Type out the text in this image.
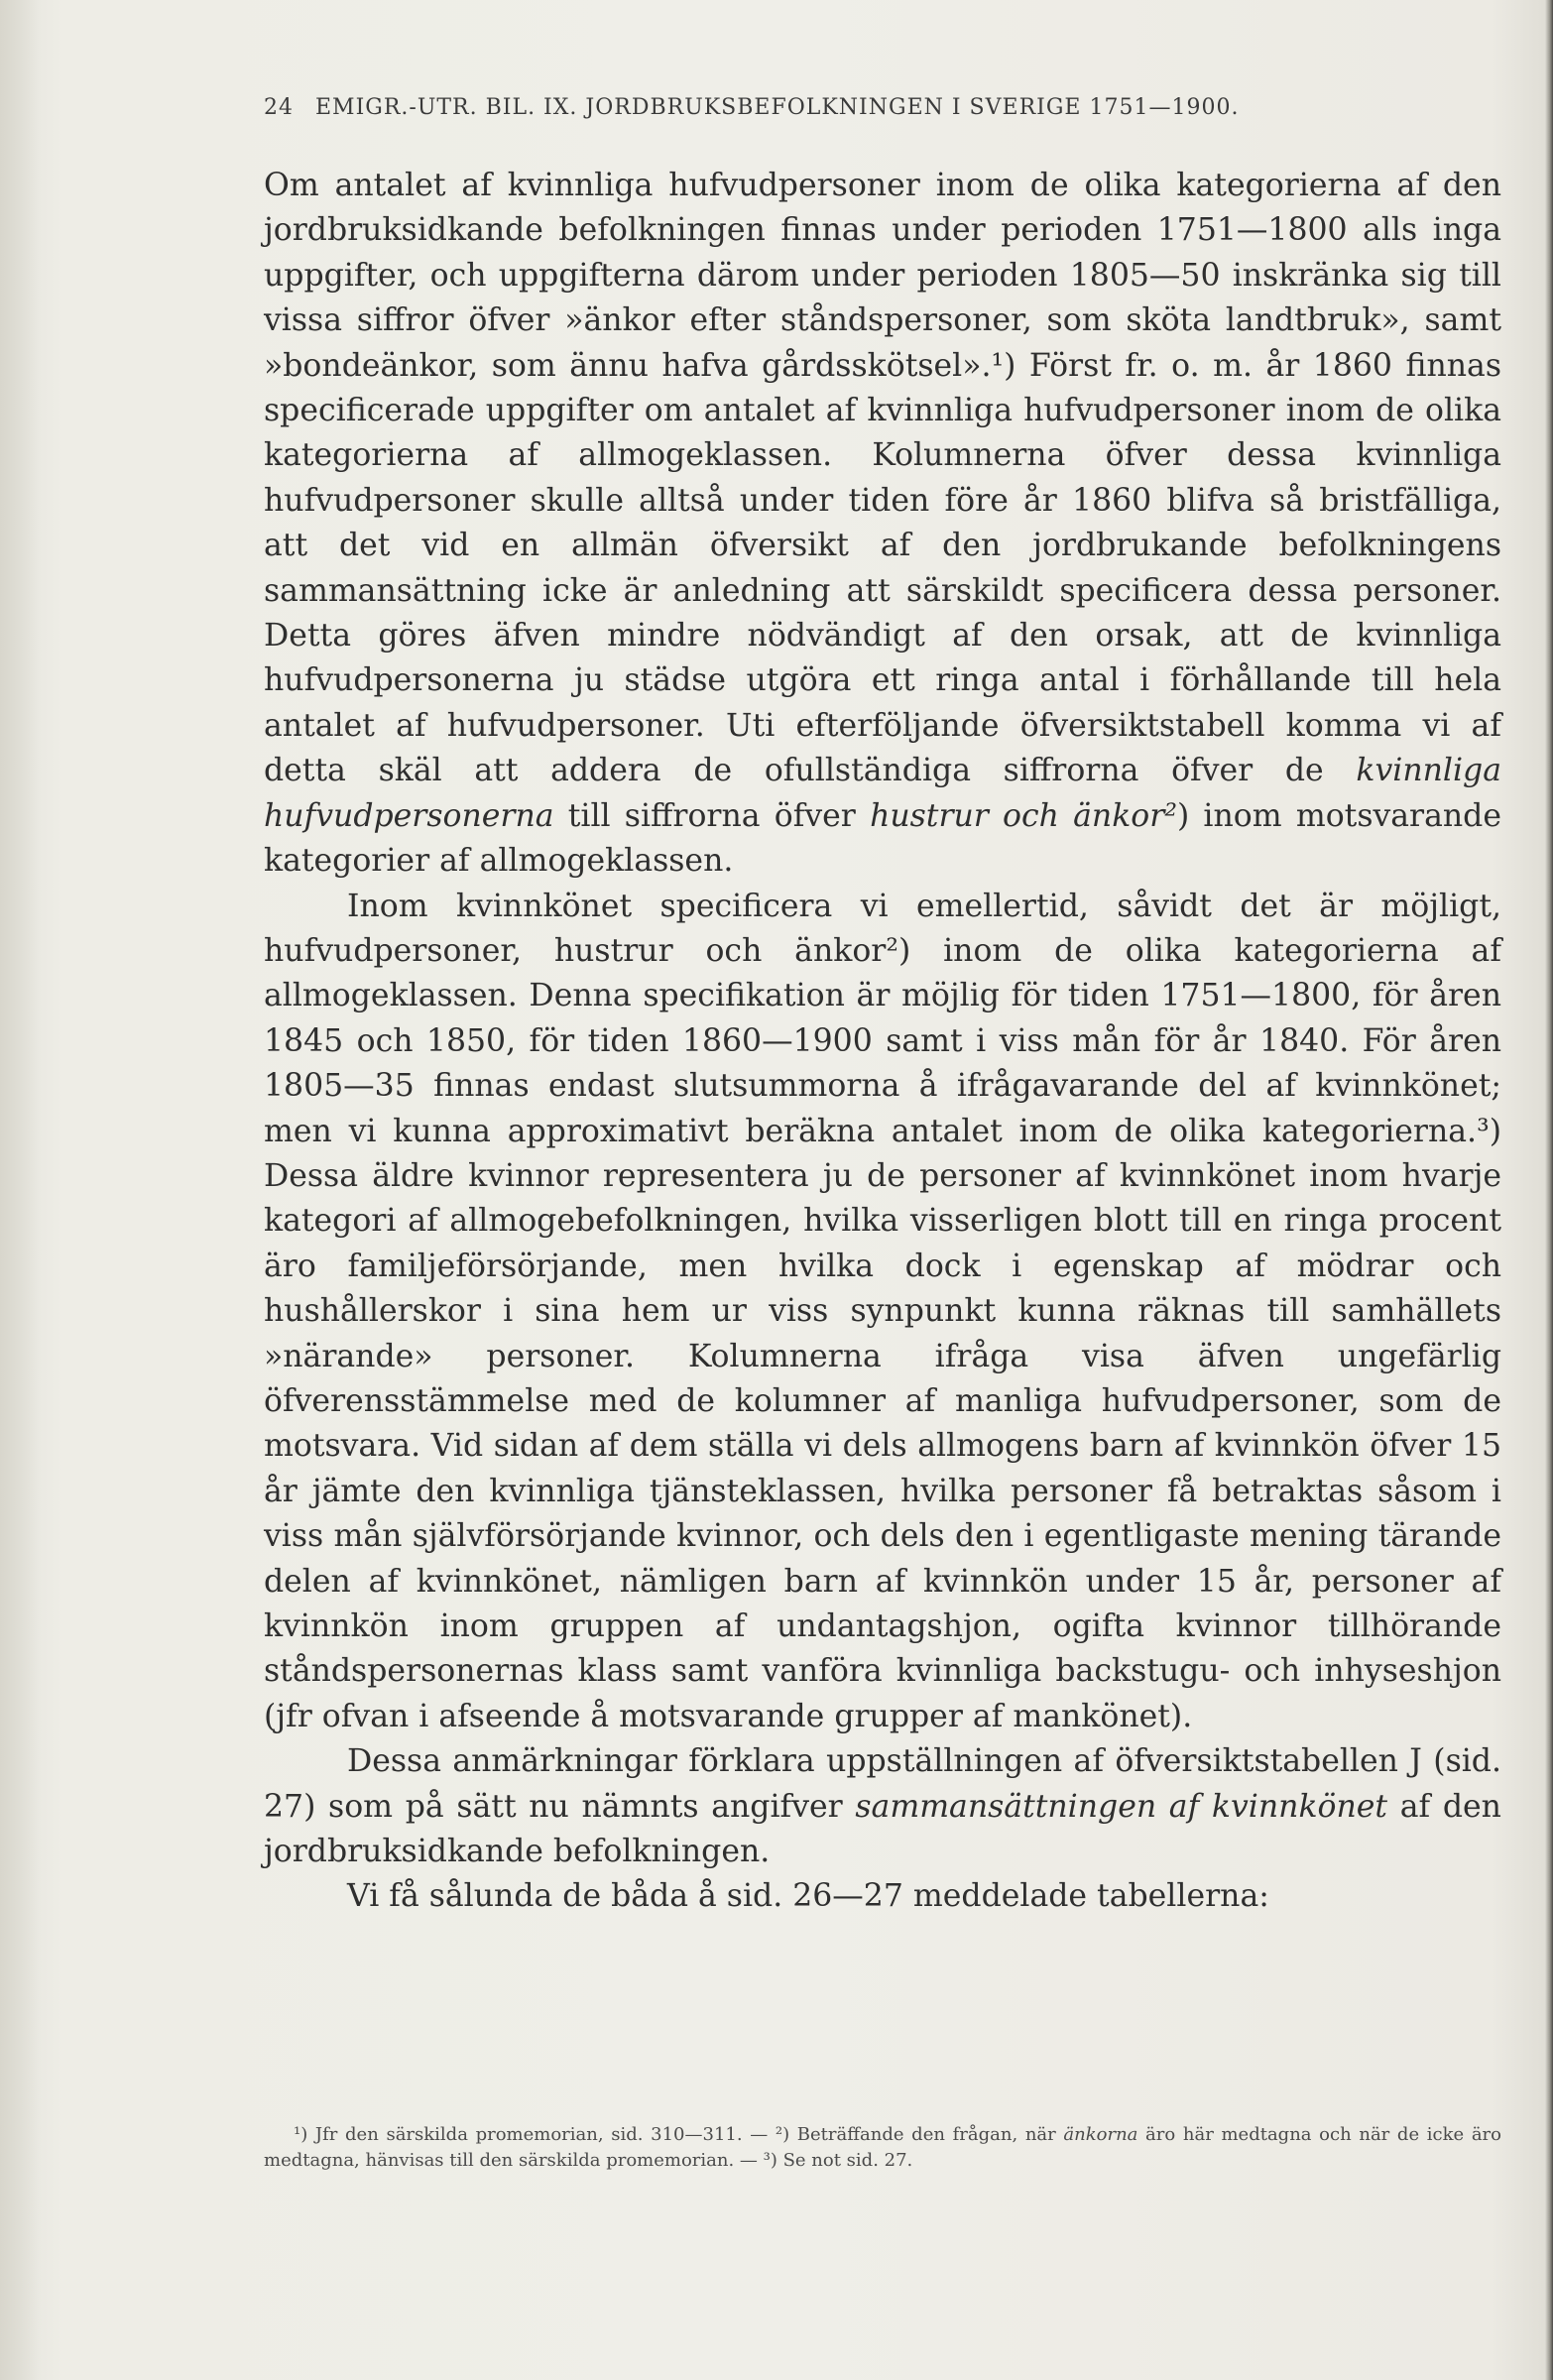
24 EMIGR.-UTR. BIL. IX. JORDBRUKSBEFOLKNINGEN I SVERIGE 1751—1900.

Om antalet af kvinnliga hufvudpersoner inom de olika kategorierna af den jordbruksidkande befolkningen finnas under perioden 1751—1800 alls inga uppgifter, och uppgifterna därom under perioden 1805—50 inskränka sig till vissa siffror öfver »änkor efter ståndspersoner, som sköta landtbruk», samt »bondeänkor, som ännu hafva gårdsskötsel».¹) Först fr. o. m. år 1860 finnas specificerade uppgifter om antalet af kvinnliga hufvudpersoner inom de olika kategorierna af allmogeklassen. Kolumnerna öfver dessa kvinnliga hufvudpersoner skulle alltså under tiden före år 1860 blifva så bristfälliga, att det vid en allmän öfversikt af den jordbrukande befolkningens sammansättning icke är anledning att särskildt specificera dessa personer. Detta göres äfven mindre nödvändigt af den orsak, att de kvinnliga hufvudpersonerna ju städse utgöra ett ringa antal i förhållande till hela antalet af hufvudpersoner. Uti efterföljande öfversiktstabell komma vi af detta skäl att addera de ofullständiga siffrorna öfver de kvinnliga hufvudpersonerna till siffrorna öfver hustrur och änkor²) inom motsvarande kategorier af allmogeklassen.

Inom kvinnkönet specificera vi emellertid, såvidt det är möjligt, hufvudpersoner, hustrur och änkor²) inom de olika kategorierna af allmogeklassen. Denna specifikation är möjlig för tiden 1751—1800, för åren 1845 och 1850, för tiden 1860—1900 samt i viss mån för år 1840. För åren 1805—35 finnas endast slutsummorna å ifrågavarande del af kvinnkönet; men vi kunna approximativt beräkna antalet inom de olika kategorierna.³) Dessa äldre kvinnor representera ju de personer af kvinnkönet inom hvarje kategori af allmogebefolkningen, hvilka visserligen blott till en ringa procent äro familjeförsörjande, men hvilka dock i egenskap af mödrar och hushållerskor i sina hem ur viss synpunkt kunna räknas till samhällets »närande» personer. Kolumnerna ifråga visa äfven ungefärlig öfverensstämmelse med de kolumner af manliga hufvudpersoner, som de motsvara. Vid sidan af dem ställa vi dels allmogens barn af kvinnkön öfver 15 år jämte den kvinnliga tjänsteklassen, hvilka personer få betraktas såsom i viss mån självförsörjande kvinnor, och dels den i egentligaste mening tärande delen af kvinnkönet, nämligen barn af kvinnkön under 15 år, personer af kvinnkön inom gruppen af undantagshjon, ogifta kvinnor tillhörande ståndspersonernas klass samt vanföra kvinnliga backstugu- och inhyseshjon (jfr ofvan i afseende å motsvarande grupper af mankönet).

Dessa anmärkningar förklara uppställningen af öfversiktstabellen J (sid. 27) som på sätt nu nämnts angifver sammansättningen af kvinnkönet af den jordbruksidkande befolkningen.

Vi få sålunda de båda å sid. 26—27 meddelade tabellerna:

¹) Jfr den särskilda promemorian, sid. 310—311. — ²) Beträffande den frågan, när änkorna äro här medtagna och när de icke äro medtagna, hänvisas till den särskilda promemorian. — ³) Se not sid. 27.
